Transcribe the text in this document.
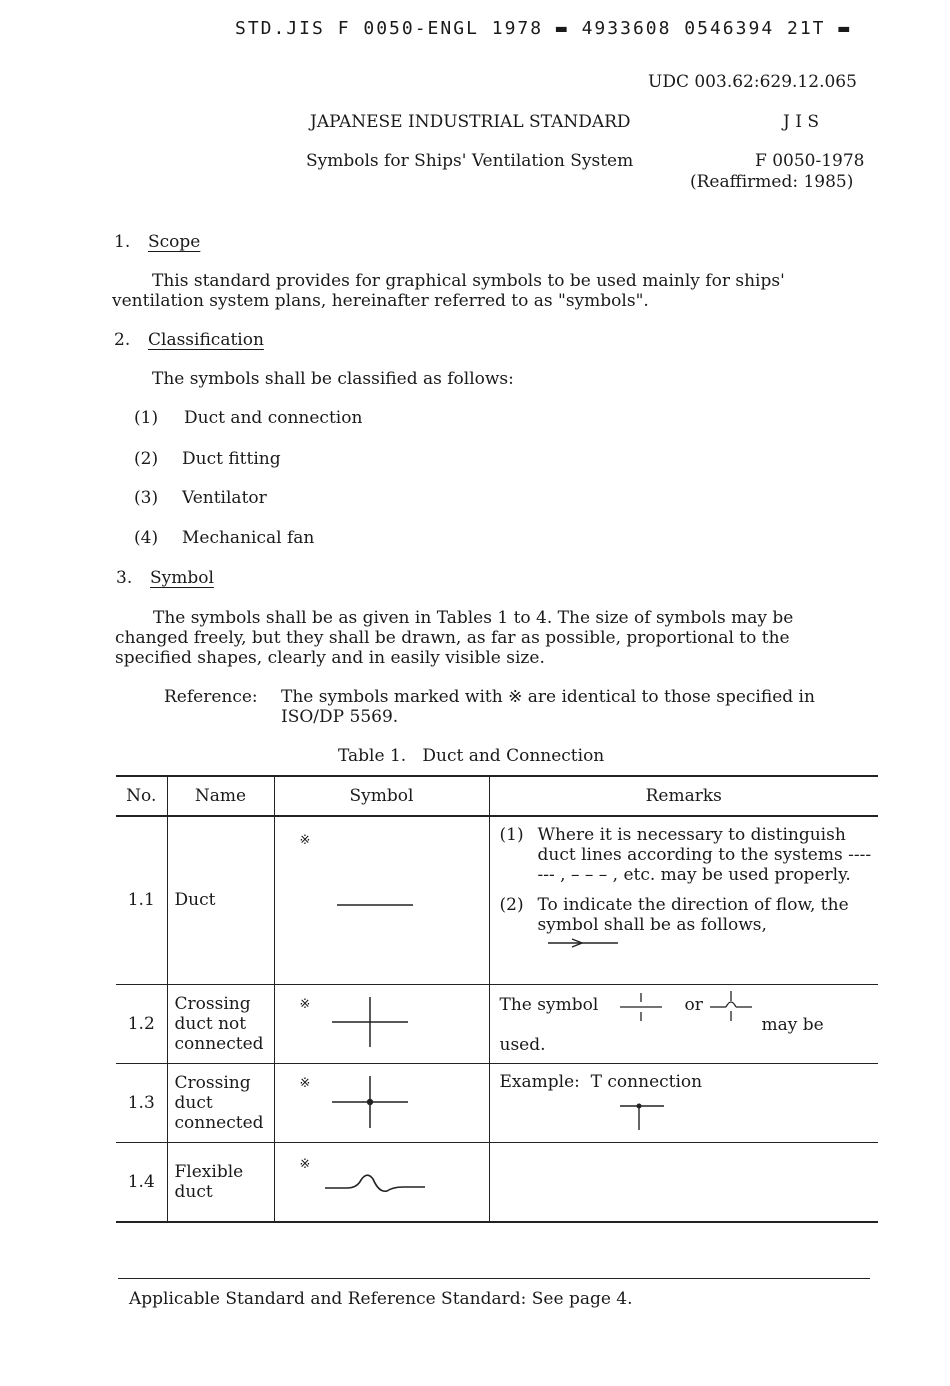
STD.JIS F 0050-ENGL 1978 ▬ 4933608 0546394 21T ▬
UDC 003.62:629.12.065
JAPANESE INDUSTRIAL STANDARD	J I S
Symbols for Ships' Ventilation System	F 0050-1978
(Reaffirmed: 1985)
1. Scope
This standard provides for graphical symbols to be used mainly for ships' ventilation system plans, hereinafter referred to as "symbols".
2. Classification
The symbols shall be classified as follows:
(1) Duct and connection
(2) Duct fitting
(3) Ventilator
(4) Mechanical fan
3. Symbol
The symbols shall be as given in Tables 1 to 4. The size of symbols may be changed freely, but they shall be drawn, as far as possible, proportional to the specified shapes, clearly and in easily visible size.
Reference: The symbols marked with ※ are identical to those specified in ISO/DP 5569.
Table 1.   Duct and Connection
No.	Name	Symbol	Remarks
1.1	Duct	※	(1) Where it is necessary to distinguish duct lines according to the systems ------- , – – – , etc. may be used properly.
(2) To indicate the direction of flow, the symbol shall be as follows,

1.2	Crossing duct not connected	※	The symbol or
may be used.

1.3	Crossing duct connected	※	Example:  T connection

1.4	Flexible duct	※	

Applicable Standard and Reference Standard: See page 4.
